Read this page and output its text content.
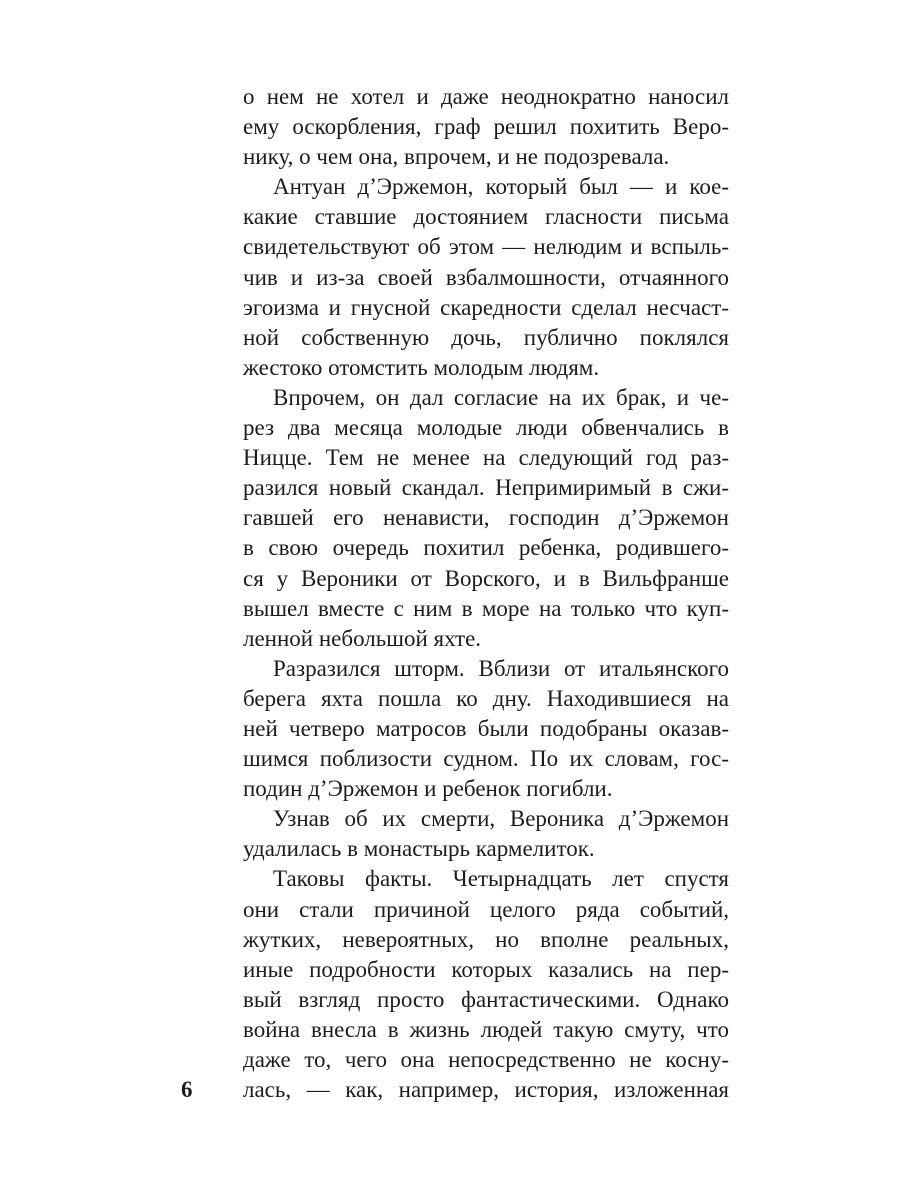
о нем не хотел и даже неоднократно наносил
ему оскорбления, граф решил похитить Веро-
нику, о чем она, впрочем, и не подозревала.
Антуан д’Эржемон, который был — и кое-
какие ставшие достоянием гласности письма
свидетельствуют об этом — нелюдим и вспыль-
чив и из-за своей взбалмошности, отчаянного
эгоизма и гнусной скаредности сделал несчаст-
ной собственную дочь, публично поклялся
жестоко отомстить молодым людям.
Впрочем, он дал согласие на их брак, и че-
рез два месяца молодые люди обвенчались в
Ницце. Тем не менее на следующий год раз-
разился новый скандал. Непримиримый в сжи-
гавшей его ненависти, господин д’Эржемон
в свою очередь похитил ребенка, родившего-
ся у Вероники от Ворского, и в Вильфранше
вышел вместе с ним в море на только что куп-
ленной небольшой яхте.
Разразился шторм. Вблизи от итальянского
берега яхта пошла ко дну. Находившиеся на
ней четверо матросов были подобраны оказав-
шимся поблизости судном. По их словам, гос-
подин д’Эржемон и ребенок погибли.
Узнав об их смерти, Вероника д’Эржемон
удалилась в монастырь кармелиток.
Таковы факты. Четырнадцать лет спустя
они стали причиной целого ряда событий,
жутких, невероятных, но вполне реальных,
иные подробности которых казались на пер-
вый взгляд просто фантастическими. Однако
война внесла в жизнь людей такую смуту, что
даже то, чего она непосредственно не косну-
лась, — как, например, история, изложенная
6
